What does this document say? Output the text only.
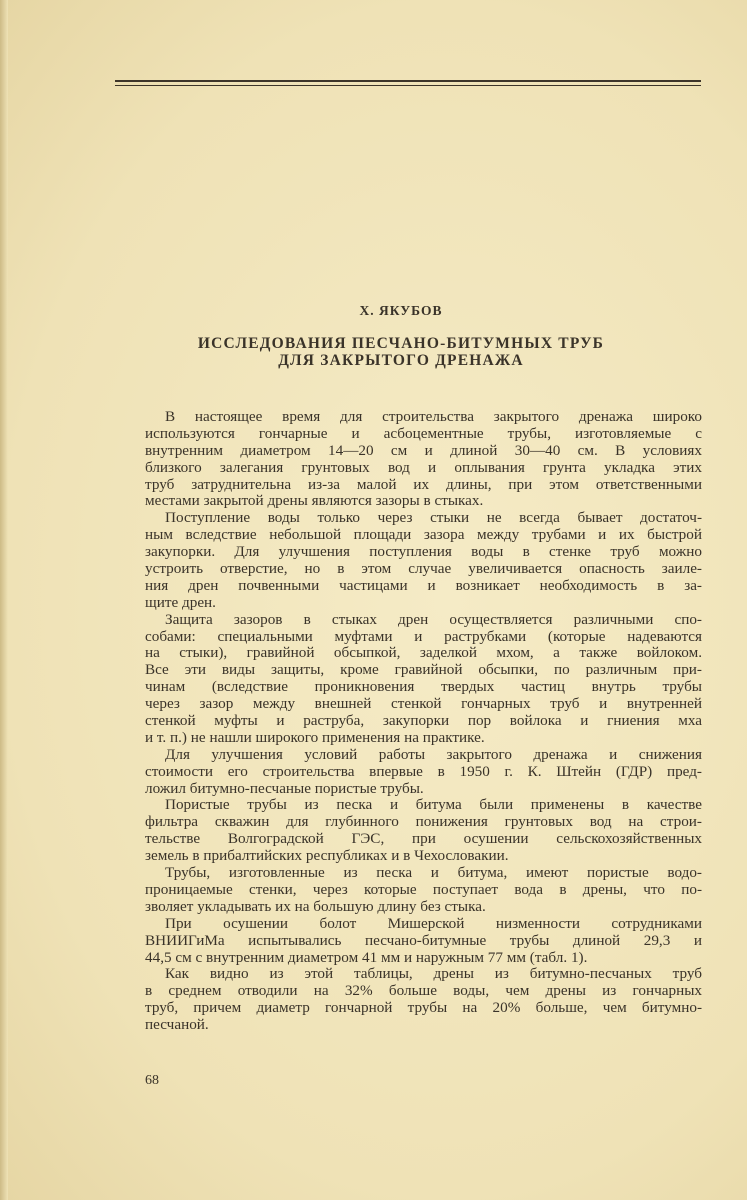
Х. ЯКУБОВ
ИССЛЕДОВАНИЯ ПЕСЧАНО-БИТУМНЫХ ТРУБ
ДЛЯ ЗАКРЫТОГО ДРЕНАЖА
В настоящее время для строительства закрытого дренажа широко
используются гончарные и асбоцементные трубы, изготовляемые с
внутренним диаметром 14—20 см и длиной 30—40 см. В условиях
близкого залегания грунтовых вод и оплывания грунта укладка этих
труб затруднительна из-за малой их длины, при этом ответственными
местами закрытой дрены являются зазоры в стыках.
Поступление воды только через стыки не всегда бывает достаточ-
ным вследствие небольшой площади зазора между трубами и их быстрой
закупорки. Для улучшения поступления воды в стенке труб можно
устроить отверстие, но в этом случае увеличивается опасность заиле-
ния дрен почвенными частицами и возникает необходимость в за-
щите дрен.
Защита зазоров в стыках дрен осуществляется различными спо-
собами: специальными муфтами и раструбками (которые надеваются
на стыки), гравийной обсыпкой, заделкой мхом, а также войлоком.
Все эти виды защиты, кроме гравийной обсыпки, по различным при-
чинам (вследствие проникновения твердых частиц внутрь трубы
через зазор между внешней стенкой гончарных труб и внутренней
стенкой муфты и раструба, закупорки пор войлока и гниения мха
и т. п.) не нашли широкого применения на практике.
Для улучшения условий работы закрытого дренажа и снижения
стоимости его строительства впервые в 1950 г. К. Штейн (ГДР) пред-
ложил битумно-песчаные пористые трубы.
Пористые трубы из песка и битума были применены в качестве
фильтра скважин для глубинного понижения грунтовых вод на строи-
тельстве Волгоградской ГЭС, при осушении сельскохозяйственных
земель в прибалтийских республиках и в Чехословакии.
Трубы, изготовленные из песка и битума, имеют пористые водо-
проницаемые стенки, через которые поступает вода в дрены, что по-
зволяет укладывать их на большую длину без стыка.
При осушении болот Мишерской низменности сотрудниками
ВНИИГиМа испытывались песчано-битумные трубы длиной 29,3 и
44,5 см с внутренним диаметром 41 мм и наружным 77 мм (табл. 1).
Как видно из этой таблицы, дрены из битумно-песчаных труб
в среднем отводили на 32% больше воды, чем дрены из гончарных
труб, причем диаметр гончарной трубы на 20% больше, чем битумно-
песчаной.
68
